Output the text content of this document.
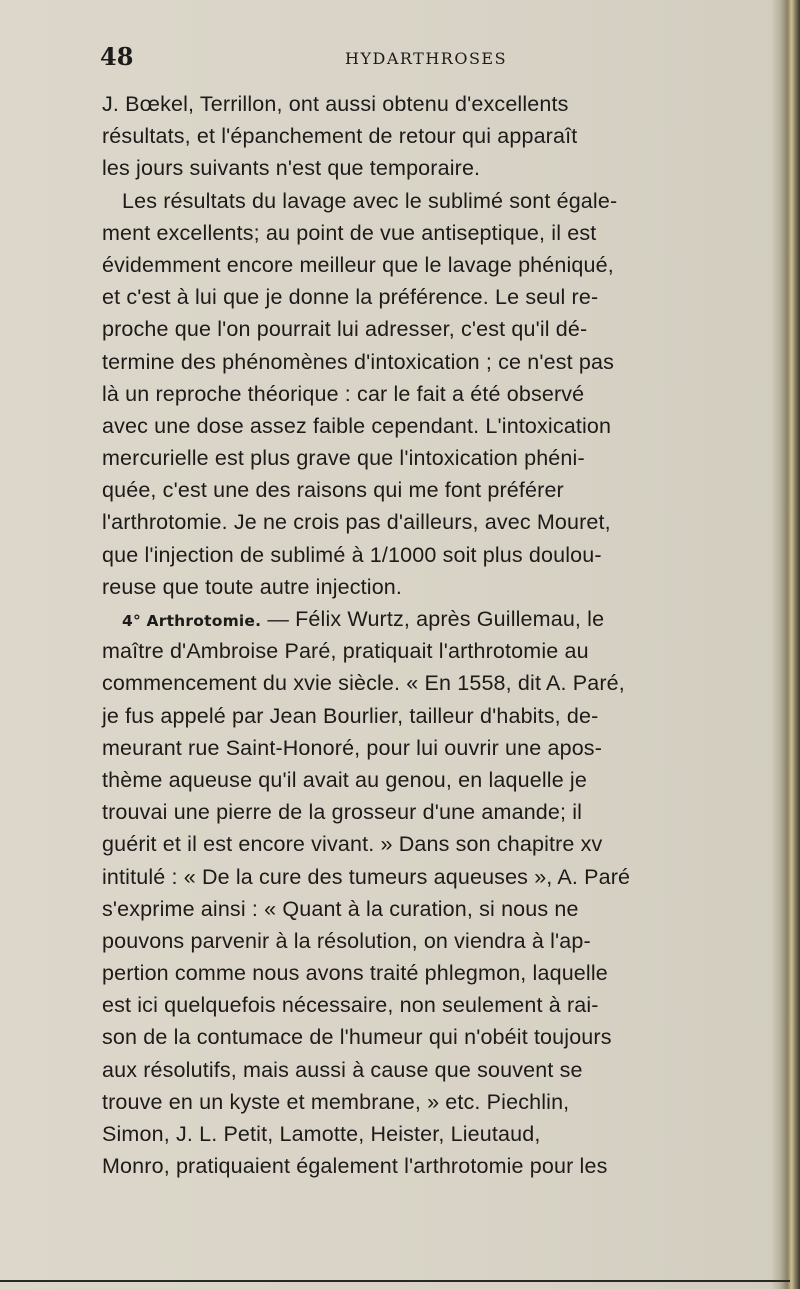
48	HYDARTHROSES
J. Bœkel, Terrillon, ont aussi obtenu d'excellents
résultats, et l'épanchement de retour qui apparaît
les jours suivants n'est que temporaire.
Les résultats du lavage avec le sublimé sont égale-
ment excellents; au point de vue antiseptique, il est
évidemment encore meilleur que le lavage phéniqué,
et c'est à lui que je donne la préférence. Le seul re-
proche que l'on pourrait lui adresser, c'est qu'il dé-
termine des phénomènes d'intoxication ; ce n'est pas
là un reproche théorique : car le fait a été observé
avec une dose assez faible cependant. L'intoxication
mercurielle est plus grave que l'intoxication phéni-
quée, c'est une des raisons qui me font préférer
l'arthrotomie. Je ne crois pas d'ailleurs, avec Mouret,
que l'injection de sublimé à 1/1000 soit plus doulou-
reuse que toute autre injection.
4° Arthrotomie. — Félix Wurtz, après Guillemau, le
maître d'Ambroise Paré, pratiquait l'arthrotomie au
commencement du xvie siècle. « En 1558, dit A. Paré,
je fus appelé par Jean Bourlier, tailleur d'habits, de-
meurant rue Saint-Honoré, pour lui ouvrir une apos-
thème aqueuse qu'il avait au genou, en laquelle je
trouvai une pierre de la grosseur d'une amande; il
guérit et il est encore vivant. » Dans son chapitre xv
intitulé : « De la cure des tumeurs aqueuses », A. Paré
s'exprime ainsi : « Quant à la curation, si nous ne
pouvons parvenir à la résolution, on viendra à l'ap-
pertion comme nous avons traité phlegmon, laquelle
est ici quelquefois nécessaire, non seulement à rai-
son de la contumace de l'humeur qui n'obéit toujours
aux résolutifs, mais aussi à cause que souvent se
trouve en un kyste et membrane, » etc. Piechlin,
Simon, J. L. Petit, Lamotte, Heister, Lieutaud,
Monro, pratiquaient également l'arthrotomie pour les
